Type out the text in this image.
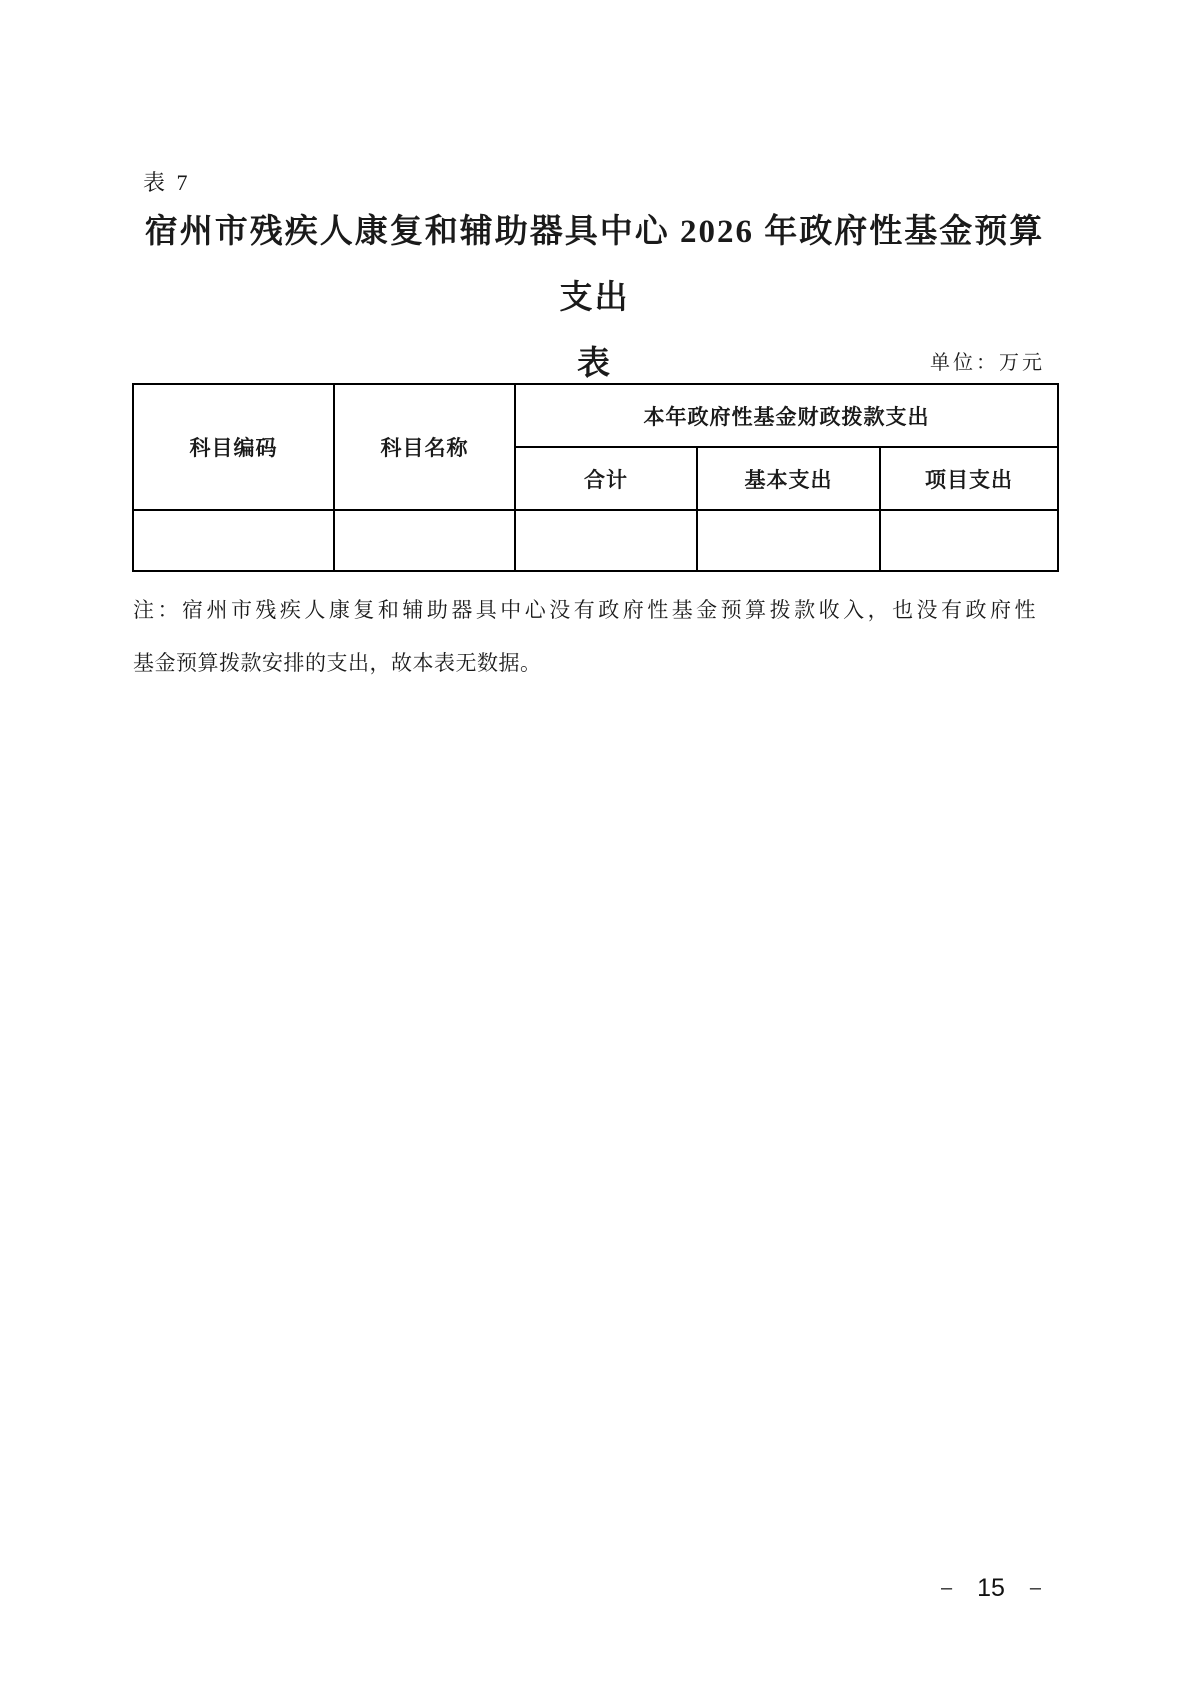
表 7
宿州市残疾人康复和辅助器具中心 2026 年政府性基金预算支出
表	单位：万元
科目编码	科目名称	本年政府性基金财政拨款支出		
		合计	基本支出	项目支出

注：宿州市残疾人康复和辅助器具中心没有政府性基金预算拨款收入，也没有政府性
基金预算拨款安排的支出，故本表无数据。
– 15 –
